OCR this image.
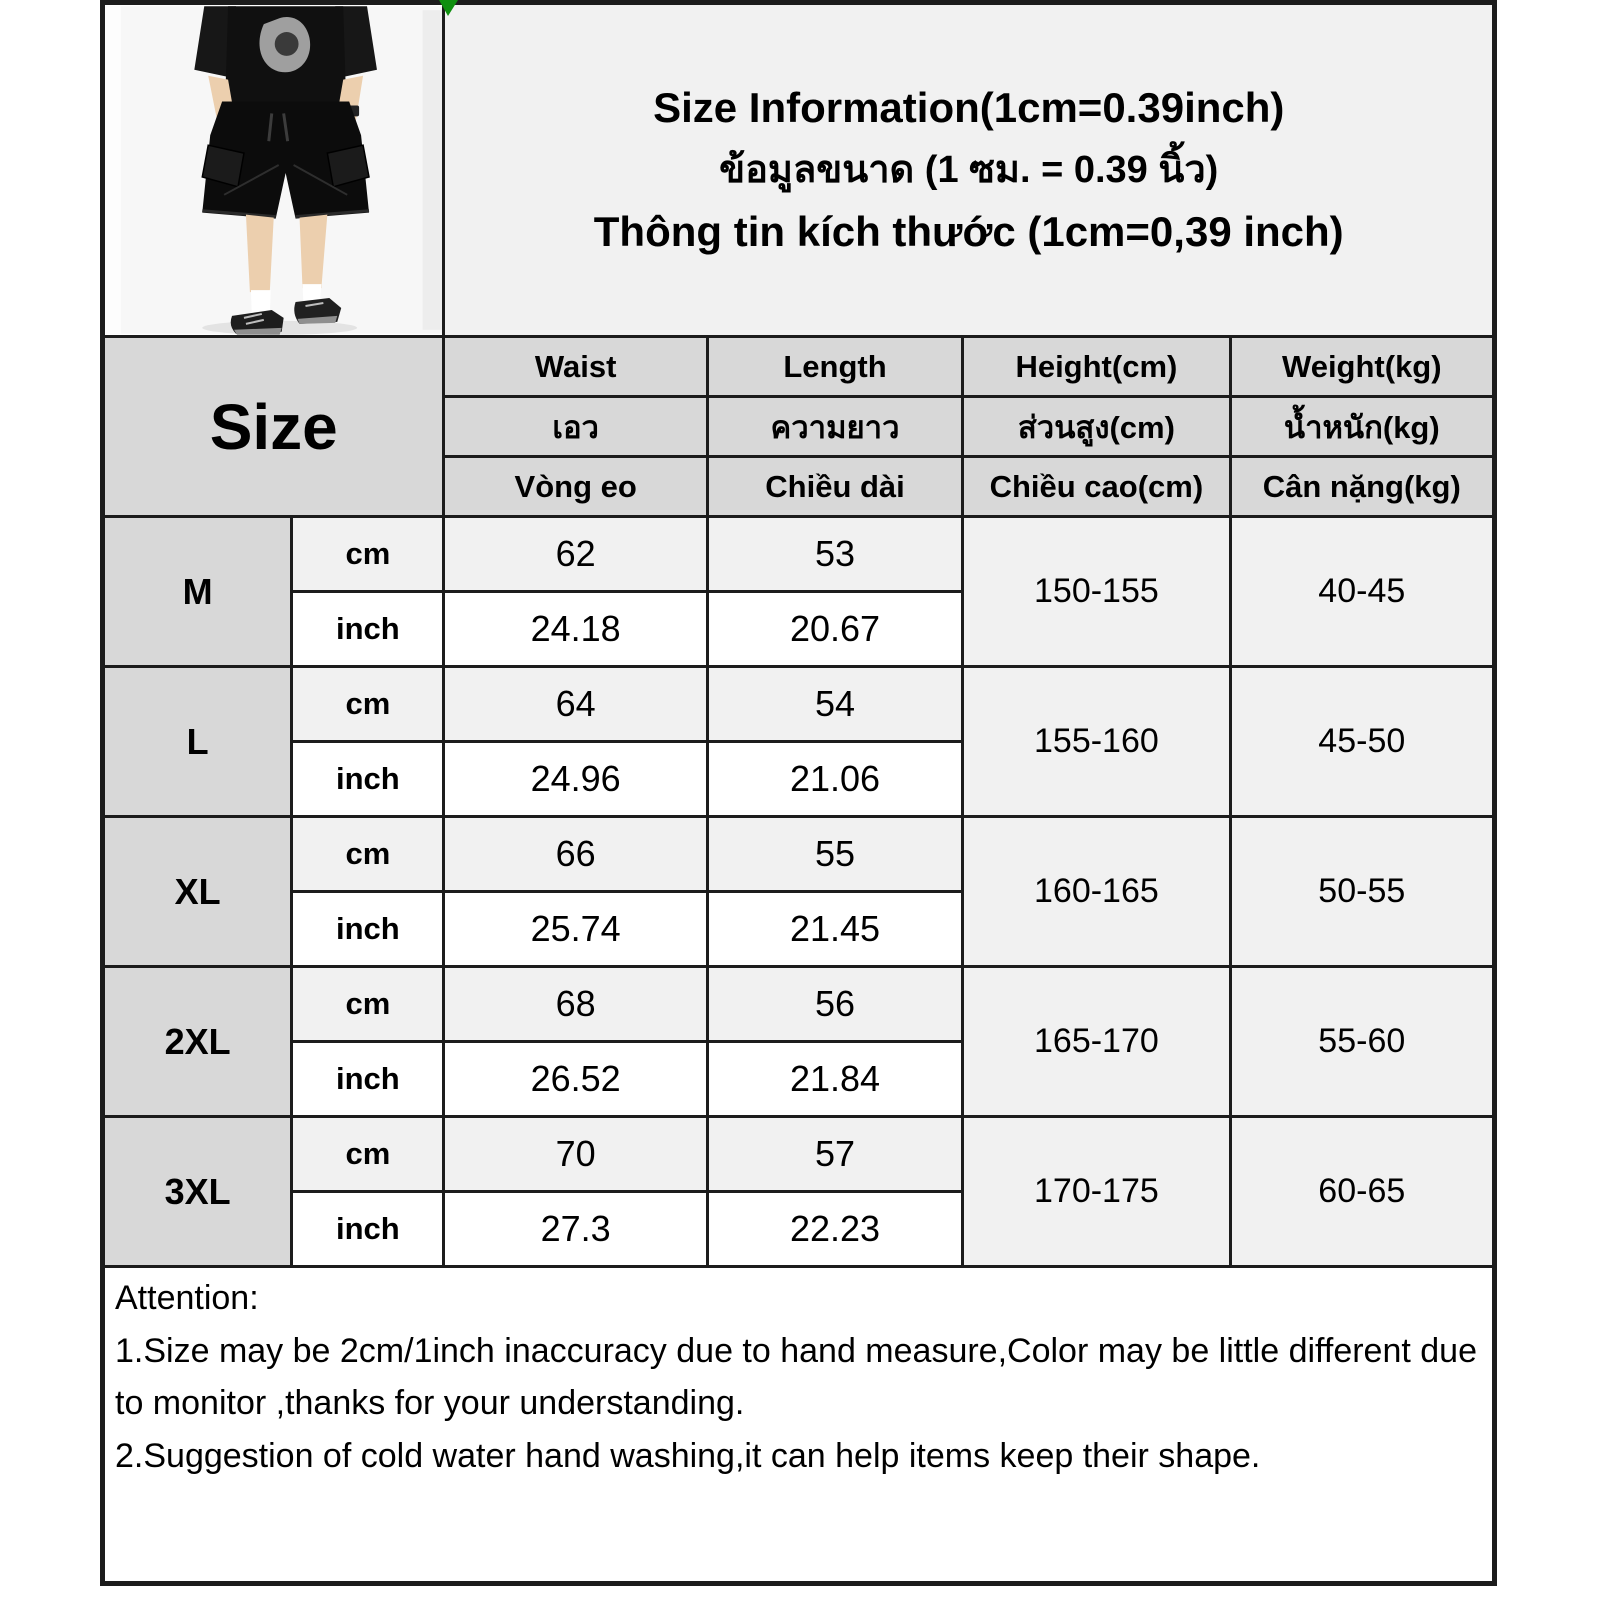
Size Information(1cm=0.39inch)
ข้อมูลขนาด (1 ซม. = 0.39 นิ้ว)
Thông tin kích thước (1cm=0,39 inch)			

Size		Waist	Length	Height(cm)	Weight(kg)
		เอว	ความยาว	ส่วนสูง(cm)	น้ำหนัก(kg)
		Vòng eo	Chiều dài	Chiều cao(cm)	Cân nặng(kg)
M	cm	62	53	150-155	40-45
	inch	24.18	20.67		
L	cm	64	54	155-160	45-50
	inch	24.96	21.06		
XL	cm	66	55	160-165	50-55
	inch	25.74	21.45		
2XL	cm	68	56	165-170	55-60
	inch	26.52	21.84		
3XL	cm	70	57	170-175	60-65
	inch	27.3	22.23		

Attention:
1.Size may be 2cm/1inch inaccuracy due to hand measure,Color may be little different due to monitor ,thanks for your understanding.
2.Suggestion of cold water hand washing,it can help items keep their shape.					
